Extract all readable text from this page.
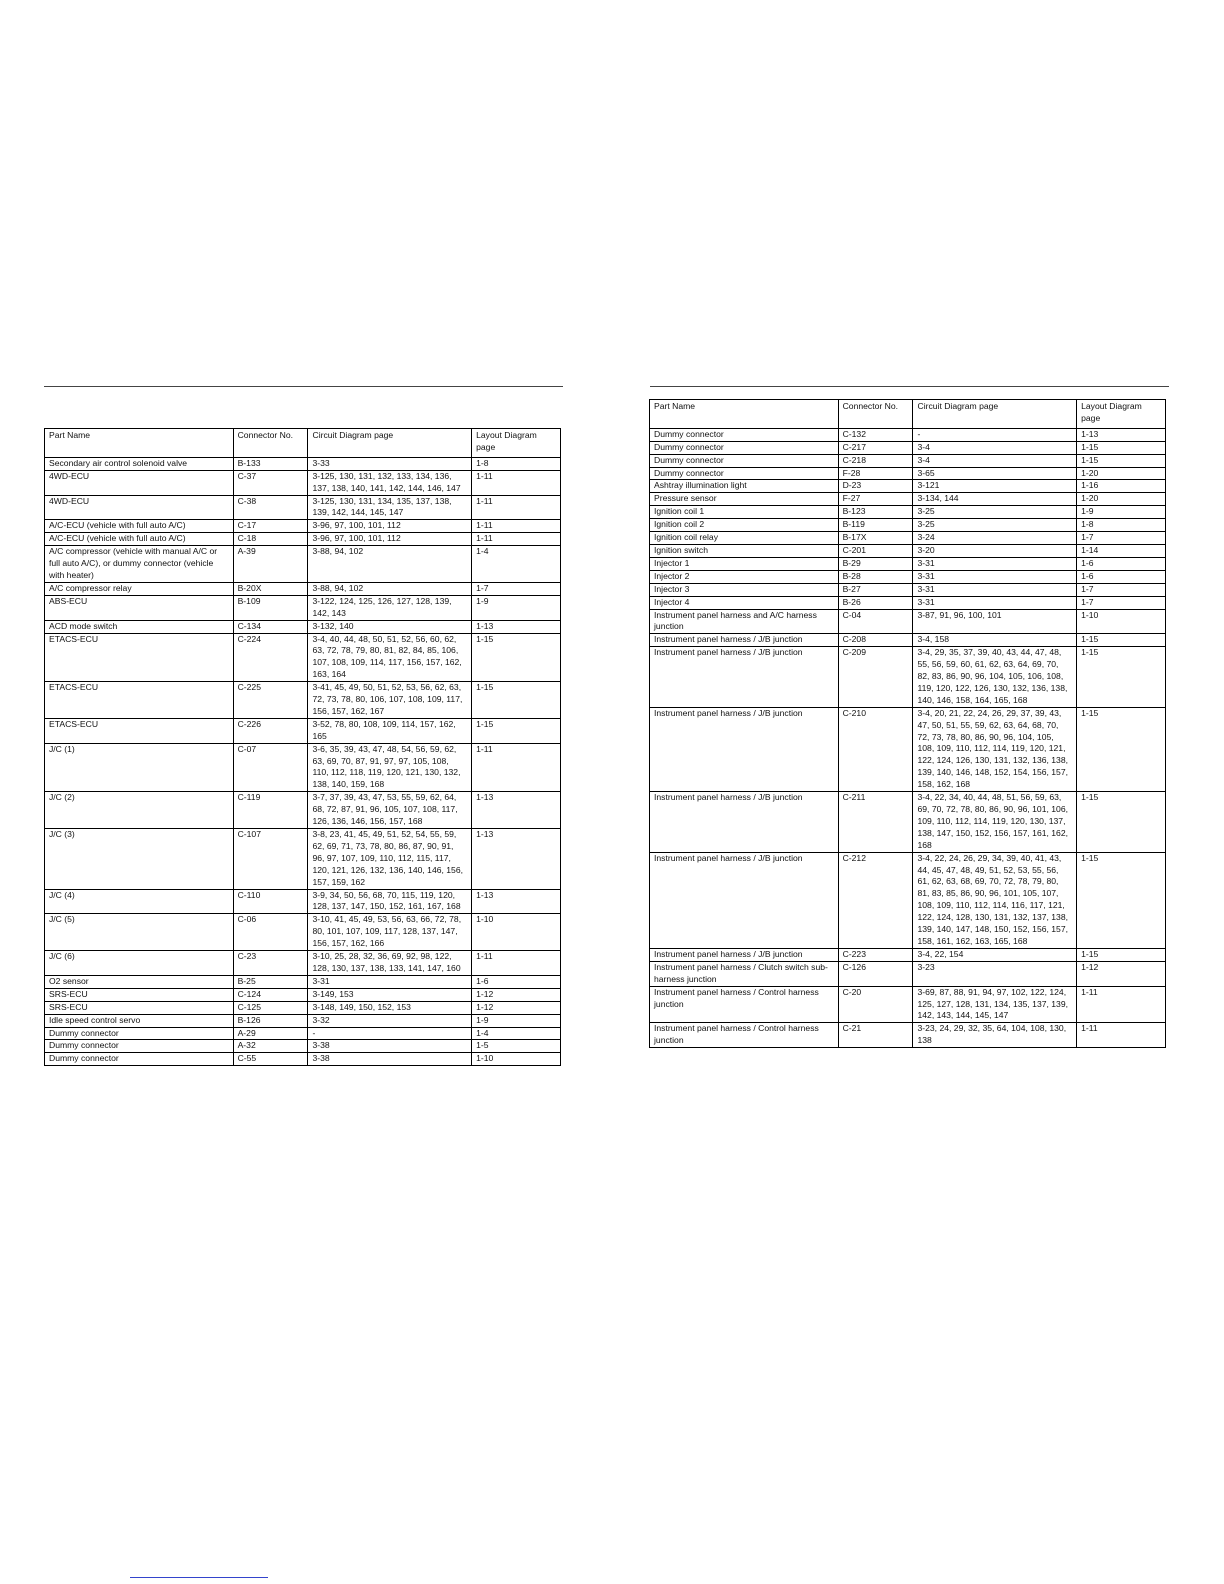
Part Name	Connector No.	Circuit Diagram page	Layout Diagram page
Secondary air control solenoid valve	B-133	3-33	1-8
4WD-ECU	C-37	3-125, 130, 131, 132, 133, 134, 136, 137, 138, 140, 141, 142, 144, 146, 147	1-11
4WD-ECU	C-38	3-125, 130, 131, 134, 135, 137, 138, 139, 142, 144, 145, 147	1-11
A/C-ECU (vehicle with full auto A/C)	C-17	3-96, 97, 100, 101, 112	1-11
A/C-ECU (vehicle with full auto A/C)	C-18	3-96, 97, 100, 101, 112	1-11
A/C compressor (vehicle with manual A/C or full auto A/C), or dummy connector (vehicle with heater)	A-39	3-88, 94, 102	1-4
A/C compressor relay	B-20X	3-88, 94, 102	1-7
ABS-ECU	B-109	3-122, 124, 125, 126, 127, 128, 139, 142, 143	1-9
ACD mode switch	C-134	3-132, 140	1-13
ETACS-ECU	C-224	3-4, 40, 44, 48, 50, 51, 52, 56, 60, 62, 63, 72, 78, 79, 80, 81, 82, 84, 85, 106, 107, 108, 109, 114, 117, 156, 157, 162, 163, 164	1-15
ETACS-ECU	C-225	3-41, 45, 49, 50, 51, 52, 53, 56, 62, 63, 72, 73, 78, 80, 106, 107, 108, 109, 117, 156, 157, 162, 167	1-15
ETACS-ECU	C-226	3-52, 78, 80, 108, 109, 114, 157, 162, 165	1-15
J/C (1)	C-07	3-6, 35, 39, 43, 47, 48, 54, 56, 59, 62, 63, 69, 70, 87, 91, 97, 97, 105, 108, 110, 112, 118, 119, 120, 121, 130, 132, 138, 140, 159, 168	1-11
J/C (2)	C-119	3-7, 37, 39, 43, 47, 53, 55, 59, 62, 64, 68, 72, 87, 91, 96, 105, 107, 108, 117, 126, 136, 146, 156, 157, 168	1-13
J/C (3)	C-107	3-8, 23, 41, 45, 49, 51, 52, 54, 55, 59, 62, 69, 71, 73, 78, 80, 86, 87, 90, 91, 96, 97, 107, 109, 110, 112, 115, 117, 120, 121, 126, 132, 136, 140, 146, 156, 157, 159, 162	1-13
J/C (4)	C-110	3-9, 34, 50, 56, 68, 70, 115, 119, 120, 128, 137, 147, 150, 152, 161, 167, 168	1-13
J/C (5)	C-06	3-10, 41, 45, 49, 53, 56, 63, 66, 72, 78, 80, 101, 107, 109, 117, 128, 137, 147, 156, 157, 162, 166	1-10
J/C (6)	C-23	3-10, 25, 28, 32, 36, 69, 92, 98, 122, 128, 130, 137, 138, 133, 141, 147, 160	1-11
O2 sensor	B-25	3-31	1-6
SRS-ECU	C-124	3-149, 153	1-12
SRS-ECU	C-125	3-148, 149, 150, 152, 153	1-12
Idle speed control servo	B-126	3-32	1-9
Dummy connector	A-29	-	1-4
Dummy connector	A-32	3-38	1-5
Dummy connector	C-55	3-38	1-10
Part Name	Connector No.	Circuit Diagram page	Layout Diagram page
Dummy connector	C-132	-	1-13
Dummy connector	C-217	3-4	1-15
Dummy connector	C-218	3-4	1-15
Dummy connector	F-28	3-65	1-20
Ashtray illumination light	D-23	3-121	1-16
Pressure sensor	F-27	3-134, 144	1-20
Ignition coil 1	B-123	3-25	1-9
Ignition coil 2	B-119	3-25	1-8
Ignition coil relay	B-17X	3-24	1-7
Ignition switch	C-201	3-20	1-14
Injector 1	B-29	3-31	1-6
Injector 2	B-28	3-31	1-6
Injector 3	B-27	3-31	1-7
Injector 4	B-26	3-31	1-7
Instrument panel harness and A/C harness junction	C-04	3-87, 91, 96, 100, 101	1-10
Instrument panel harness / J/B junction	C-208	3-4, 158	1-15
Instrument panel harness / J/B junction	C-209	3-4, 29, 35, 37, 39, 40, 43, 44, 47, 48, 55, 56, 59, 60, 61, 62, 63, 64, 69, 70, 82, 83, 86, 90, 96, 104, 105, 106, 108, 119, 120, 122, 126, 130, 132, 136, 138, 140, 146, 158, 164, 165, 168	1-15
Instrument panel harness / J/B junction	C-210	3-4, 20, 21, 22, 24, 26, 29, 37, 39, 43, 47, 50, 51, 55, 59, 62, 63, 64, 68, 70, 72, 73, 78, 80, 86, 90, 96, 104, 105, 108, 109, 110, 112, 114, 119, 120, 121, 122, 124, 126, 130, 131, 132, 136, 138, 139, 140, 146, 148, 152, 154, 156, 157, 158, 162, 168	1-15
Instrument panel harness / J/B junction	C-211	3-4, 22, 34, 40, 44, 48, 51, 56, 59, 63, 69, 70, 72, 78, 80, 86, 90, 96, 101, 106, 109, 110, 112, 114, 119, 120, 130, 137, 138, 147, 150, 152, 156, 157, 161, 162, 168	1-15
Instrument panel harness / J/B junction	C-212	3-4, 22, 24, 26, 29, 34, 39, 40, 41, 43, 44, 45, 47, 48, 49, 51, 52, 53, 55, 56, 61, 62, 63, 68, 69, 70, 72, 78, 79, 80, 81, 83, 85, 86, 90, 96, 101, 105, 107, 108, 109, 110, 112, 114, 116, 117, 121, 122, 124, 128, 130, 131, 132, 137, 138, 139, 140, 147, 148, 150, 152, 156, 157, 158, 161, 162, 163, 165, 168	1-15
Instrument panel harness / J/B junction	C-223	3-4, 22, 154	1-15
Instrument panel harness / Clutch switch sub-harness junction	C-126	3-23	1-12
Instrument panel harness / Control harness junction	C-20	3-69, 87, 88, 91, 94, 97, 102, 122, 124, 125, 127, 128, 131, 134, 135, 137, 139, 142, 143, 144, 145, 147	1-11
Instrument panel harness / Control harness junction	C-21	3-23, 24, 29, 32, 35, 64, 104, 108, 130, 138	1-11
